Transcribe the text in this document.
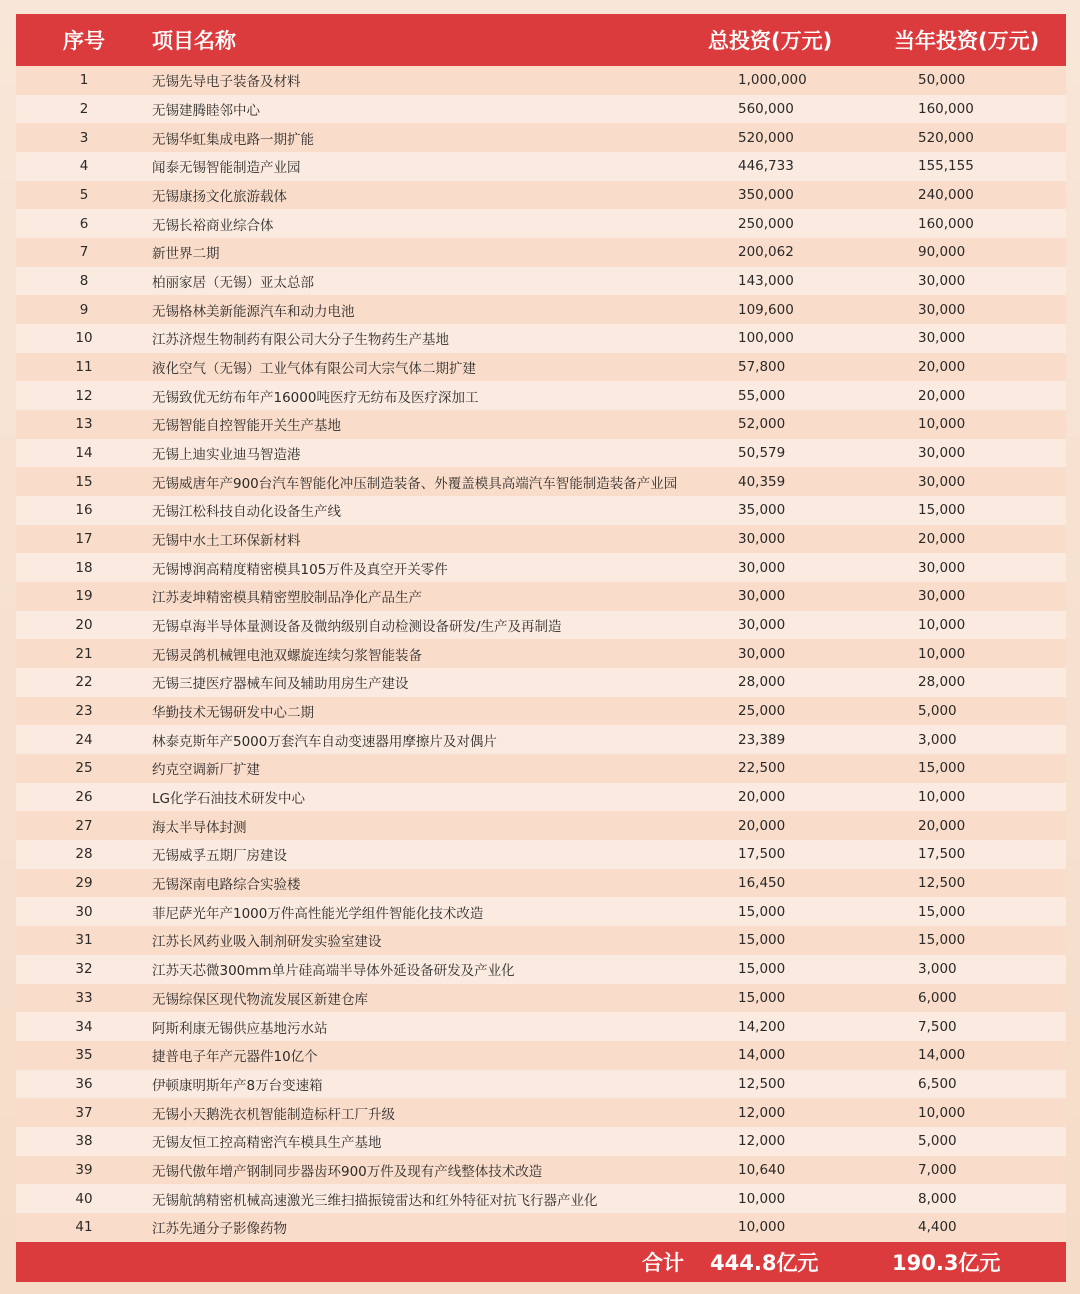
序号	项目名称	总投资(万元)	当年投资(万元)
1	无锡先导电子装备及材料	1,000,000	50,000
2	无锡建腾睦邻中心	560,000	160,000
3	无锡华虹集成电路一期扩能	520,000	520,000
4	闻泰无锡智能制造产业园	446,733	155,155
5	无锡康扬文化旅游载体	350,000	240,000
6	无锡长裕商业综合体	250,000	160,000
7	新世界二期	200,062	90,000
8	柏丽家居（无锡）亚太总部	143,000	30,000
9	无锡格林美新能源汽车和动力电池	109,600	30,000
10	江苏济煜生物制药有限公司大分子生物药生产基地	100,000	30,000
11	液化空气（无锡）工业气体有限公司大宗气体二期扩建	57,800	20,000
12	无锡致优无纺布年产16000吨医疗无纺布及医疗深加工	55,000	20,000
13	无锡智能自控智能开关生产基地	52,000	10,000
14	无锡上迪实业迪马智造港	50,579	30,000
15	无锡威唐年产900台汽车智能化冲压制造装备、外覆盖模具高端汽车智能制造装备产业园	40,359	30,000
16	无锡江松科技自动化设备生产线	35,000	15,000
17	无锡中水土工环保新材料	30,000	20,000
18	无锡博润高精度精密模具105万件及真空开关零件	30,000	30,000
19	江苏麦坤精密模具精密塑胶制品净化产品生产	30,000	30,000
20	无锡卓海半导体量测设备及微纳级别自动检测设备研发/生产及再制造	30,000	10,000
21	无锡灵鸽机械锂电池双螺旋连续匀浆智能装备	30,000	10,000
22	无锡三捷医疗器械车间及辅助用房生产建设	28,000	28,000
23	华勤技术无锡研发中心二期	25,000	5,000
24	林泰克斯年产5000万套汽车自动变速器用摩擦片及对偶片	23,389	3,000
25	约克空调新厂扩建	22,500	15,000
26	LG化学石油技术研发中心	20,000	10,000
27	海太半导体封测	20,000	20,000
28	无锡威孚五期厂房建设	17,500	17,500
29	无锡深南电路综合实验楼	16,450	12,500
30	菲尼萨光年产1000万件高性能光学组件智能化技术改造	15,000	15,000
31	江苏长风药业吸入制剂研发实验室建设	15,000	15,000
32	江苏天芯微300mm单片硅高端半导体外延设备研发及产业化	15,000	3,000
33	无锡综保区现代物流发展区新建仓库	15,000	6,000
34	阿斯利康无锡供应基地污水站	14,200	7,500
35	捷普电子年产元器件10亿个	14,000	14,000
36	伊顿康明斯年产8万台变速箱	12,500	6,500
37	无锡小天鹅洗衣机智能制造标杆工厂升级	12,000	10,000
38	无锡友恒工控高精密汽车模具生产基地	12,000	5,000
39	无锡代傲年增产钢制同步器齿环900万件及现有产线整体技术改造	10,640	7,000
40	无锡航鹄精密机械高速激光三维扫描振镜雷达和红外特征对抗飞行器产业化	10,000	8,000
41	江苏先通分子影像药物	10,000	4,400
合计	444.8亿元	190.3亿元
